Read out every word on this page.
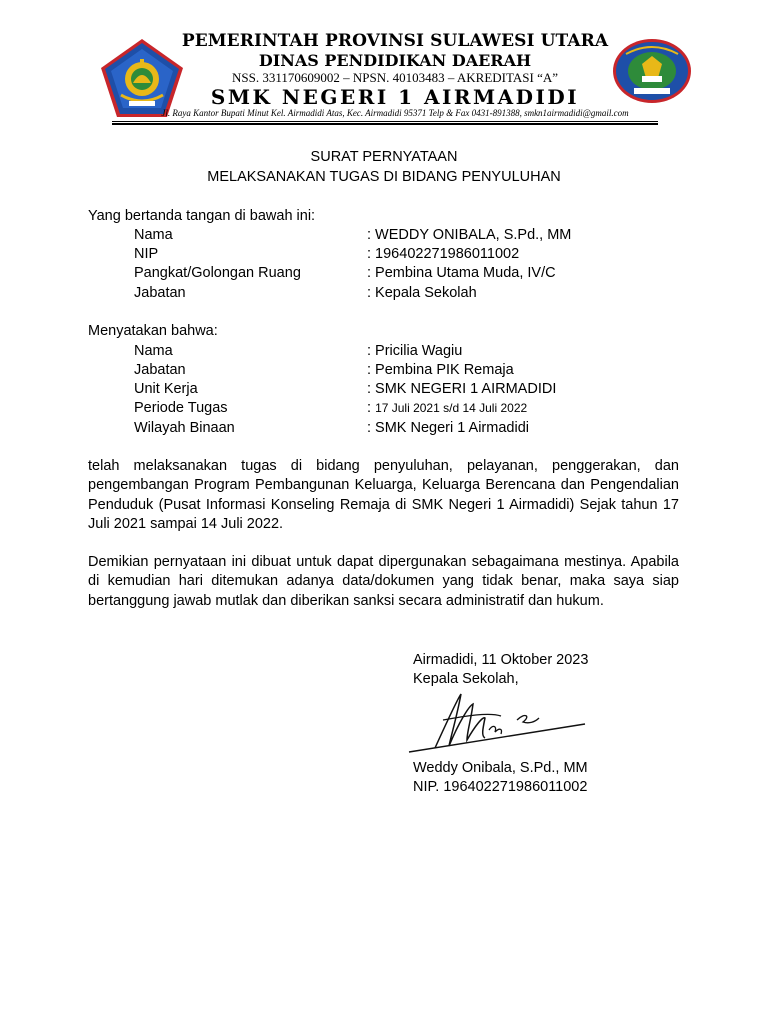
PEMERINTAH PROVINSI SULAWESI UTARA
DINAS PENDIDIKAN DAERAH
NSS. 331170609002 – NPSN. 40103483 – AKREDITASI “A”
SMK NEGERI 1 AIRMADIDI
Jl. Raya Kantor Bupati Minut Kel. Airmadidi Atas, Kec. Airmadidi 95371 Telp & Fax 0431-891388, smkn1airmadidi@gmail.com
SURAT PERNYATAAN
MELAKSANAKAN TUGAS DI BIDANG PENYULUHAN
Yang bertanda tangan di bawah ini:
Nama	: WEDDY ONIBALA, S.Pd., MM
NIP	: 196402271986011002
Pangkat/Golongan Ruang	: Pembina Utama Muda, IV/C
Jabatan	: Kepala Sekolah
Menyatakan bahwa:
Nama	: Pricilia Wagiu
Jabatan	: Pembina PIK Remaja
Unit Kerja	: SMK NEGERI 1 AIRMADIDI
Periode Tugas	: 17 Juli 2021 s/d 14 Juli 2022
Wilayah Binaan	: SMK Negeri 1 Airmadidi
telah melaksanakan tugas di bidang penyuluhan, pelayanan, penggerakan, dan pengembangan Program Pembangunan Keluarga, Keluarga Berencana dan Pengendalian Penduduk (Pusat Informasi Konseling Remaja di SMK Negeri 1 Airmadidi) Sejak tahun 17 Juli 2021 sampai 14 Juli 2022.
Demikian pernyataan ini dibuat untuk dapat dipergunakan sebagaimana mestinya. Apabila di kemudian hari ditemukan adanya data/dokumen yang tidak benar, maka saya siap bertanggung jawab mutlak dan diberikan sanksi secara administratif dan hukum.
Airmadidi, 11 Oktober 2023
Kepala Sekolah,
Weddy Onibala, S.Pd., MM
NIP. 196402271986011002
